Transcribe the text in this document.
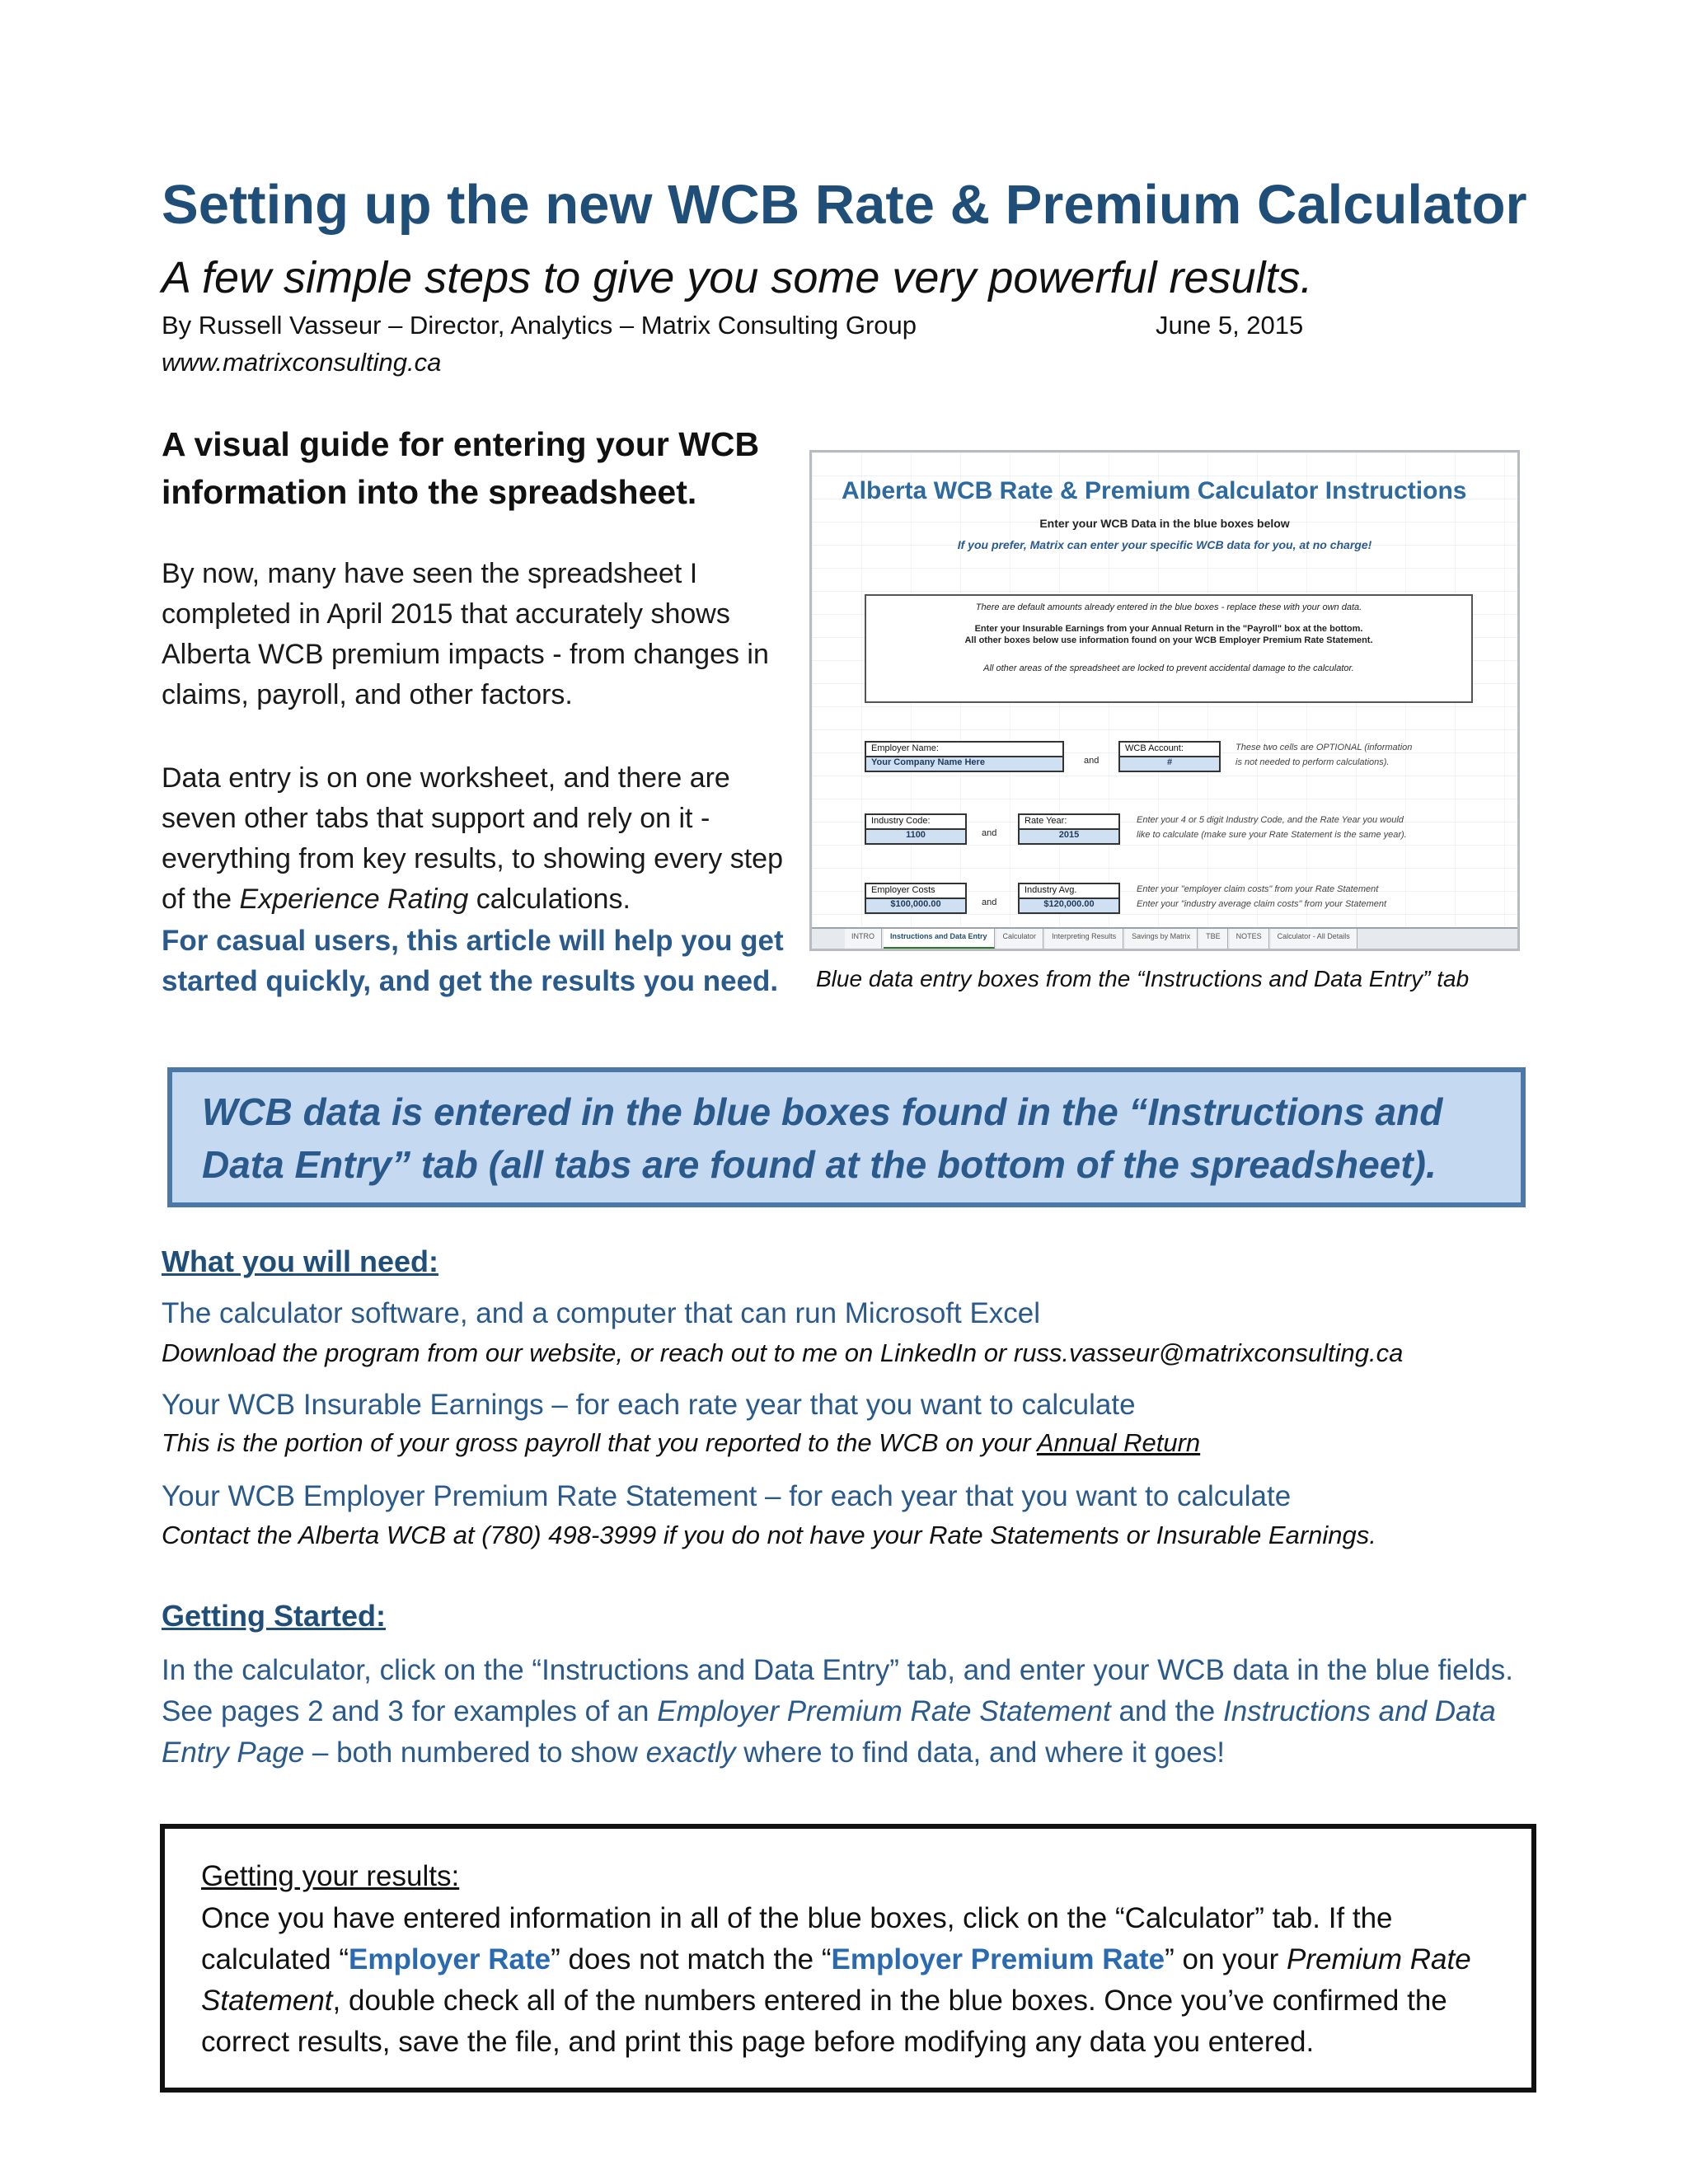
Setting up the new WCB Rate & Premium Calculator
A few simple steps to give you some very powerful results.
By Russell Vasseur – Director, Analytics – Matrix Consulting Group	June 5, 2015
www.matrixconsulting.ca
A visual guide for entering your WCB information into the spreadsheet.
By now, many have seen the spreadsheet I completed in April 2015 that accurately shows Alberta WCB premium impacts - from changes in claims, payroll, and other factors.
Data entry is on one worksheet, and there are seven other tabs that support and rely on it - everything from key results, to showing every step of the Experience Rating calculations.
For casual users, this article will help you get started quickly, and get the results you need.
Alberta WCB Rate & Premium Calculator Instructions
Enter your WCB Data in the blue boxes below
If you prefer, Matrix can enter your specific WCB data for you, at no charge!
There are default amounts already entered in the blue boxes - replace these with your own data.
Enter your Insurable Earnings from your Annual Return in the "Payroll" box at the bottom.
All other boxes below use information found on your WCB Employer Premium Rate Statement.
All other areas of the spreadsheet are locked to prevent accidental damage to the calculator.
Employer Name:
Your Company Name Here	and
WCB Account:
#
These two cells are OPTIONAL (information
is not needed to perform calculations).
Industry Code:
1100	and
Rate Year:
2015
Enter your 4 or 5 digit Industry Code, and the Rate Year you would
like to calculate (make sure your Rate Statement is the same year).
Employer Costs
$100,000.00	and
Industry Avg.
$120,000.00
Enter your "employer claim costs" from your Rate Statement
Enter your "industry average claim costs" from your Statement
INTRO	Instructions and Data Entry	Calculator	Interpreting Results	Savings by Matrix	TBE	NOTES	Calculator - All Details
Blue data entry boxes from the “Instructions and Data Entry” tab
WCB data is entered in the blue boxes found in the “Instructions and Data Entry” tab (all tabs are found at the bottom of the spreadsheet).
What you will need:
The calculator software, and a computer that can run Microsoft Excel
Download the program from our website, or reach out to me on LinkedIn or russ.vasseur@matrixconsulting.ca
Your WCB Insurable Earnings – for each rate year that you want to calculate
This is the portion of your gross payroll that you reported to the WCB on your Annual Return
Your WCB Employer Premium Rate Statement – for each year that you want to calculate
Contact the Alberta WCB at (780) 498-3999 if you do not have your Rate Statements or Insurable Earnings.
Getting Started:
In the calculator, click on the “Instructions and Data Entry” tab, and enter your WCB data in the blue fields. See pages 2 and 3 for examples of an Employer Premium Rate Statement and the Instructions and Data Entry Page – both numbered to show exactly where to find data, and where it goes!
Getting your results:
Once you have entered information in all of the blue boxes, click on the “Calculator” tab. If the calculated “Employer Rate” does not match the “Employer Premium Rate” on your Premium Rate Statement, double check all of the numbers entered in the blue boxes. Once you’ve confirmed the correct results, save the file, and print this page before modifying any data you entered.
